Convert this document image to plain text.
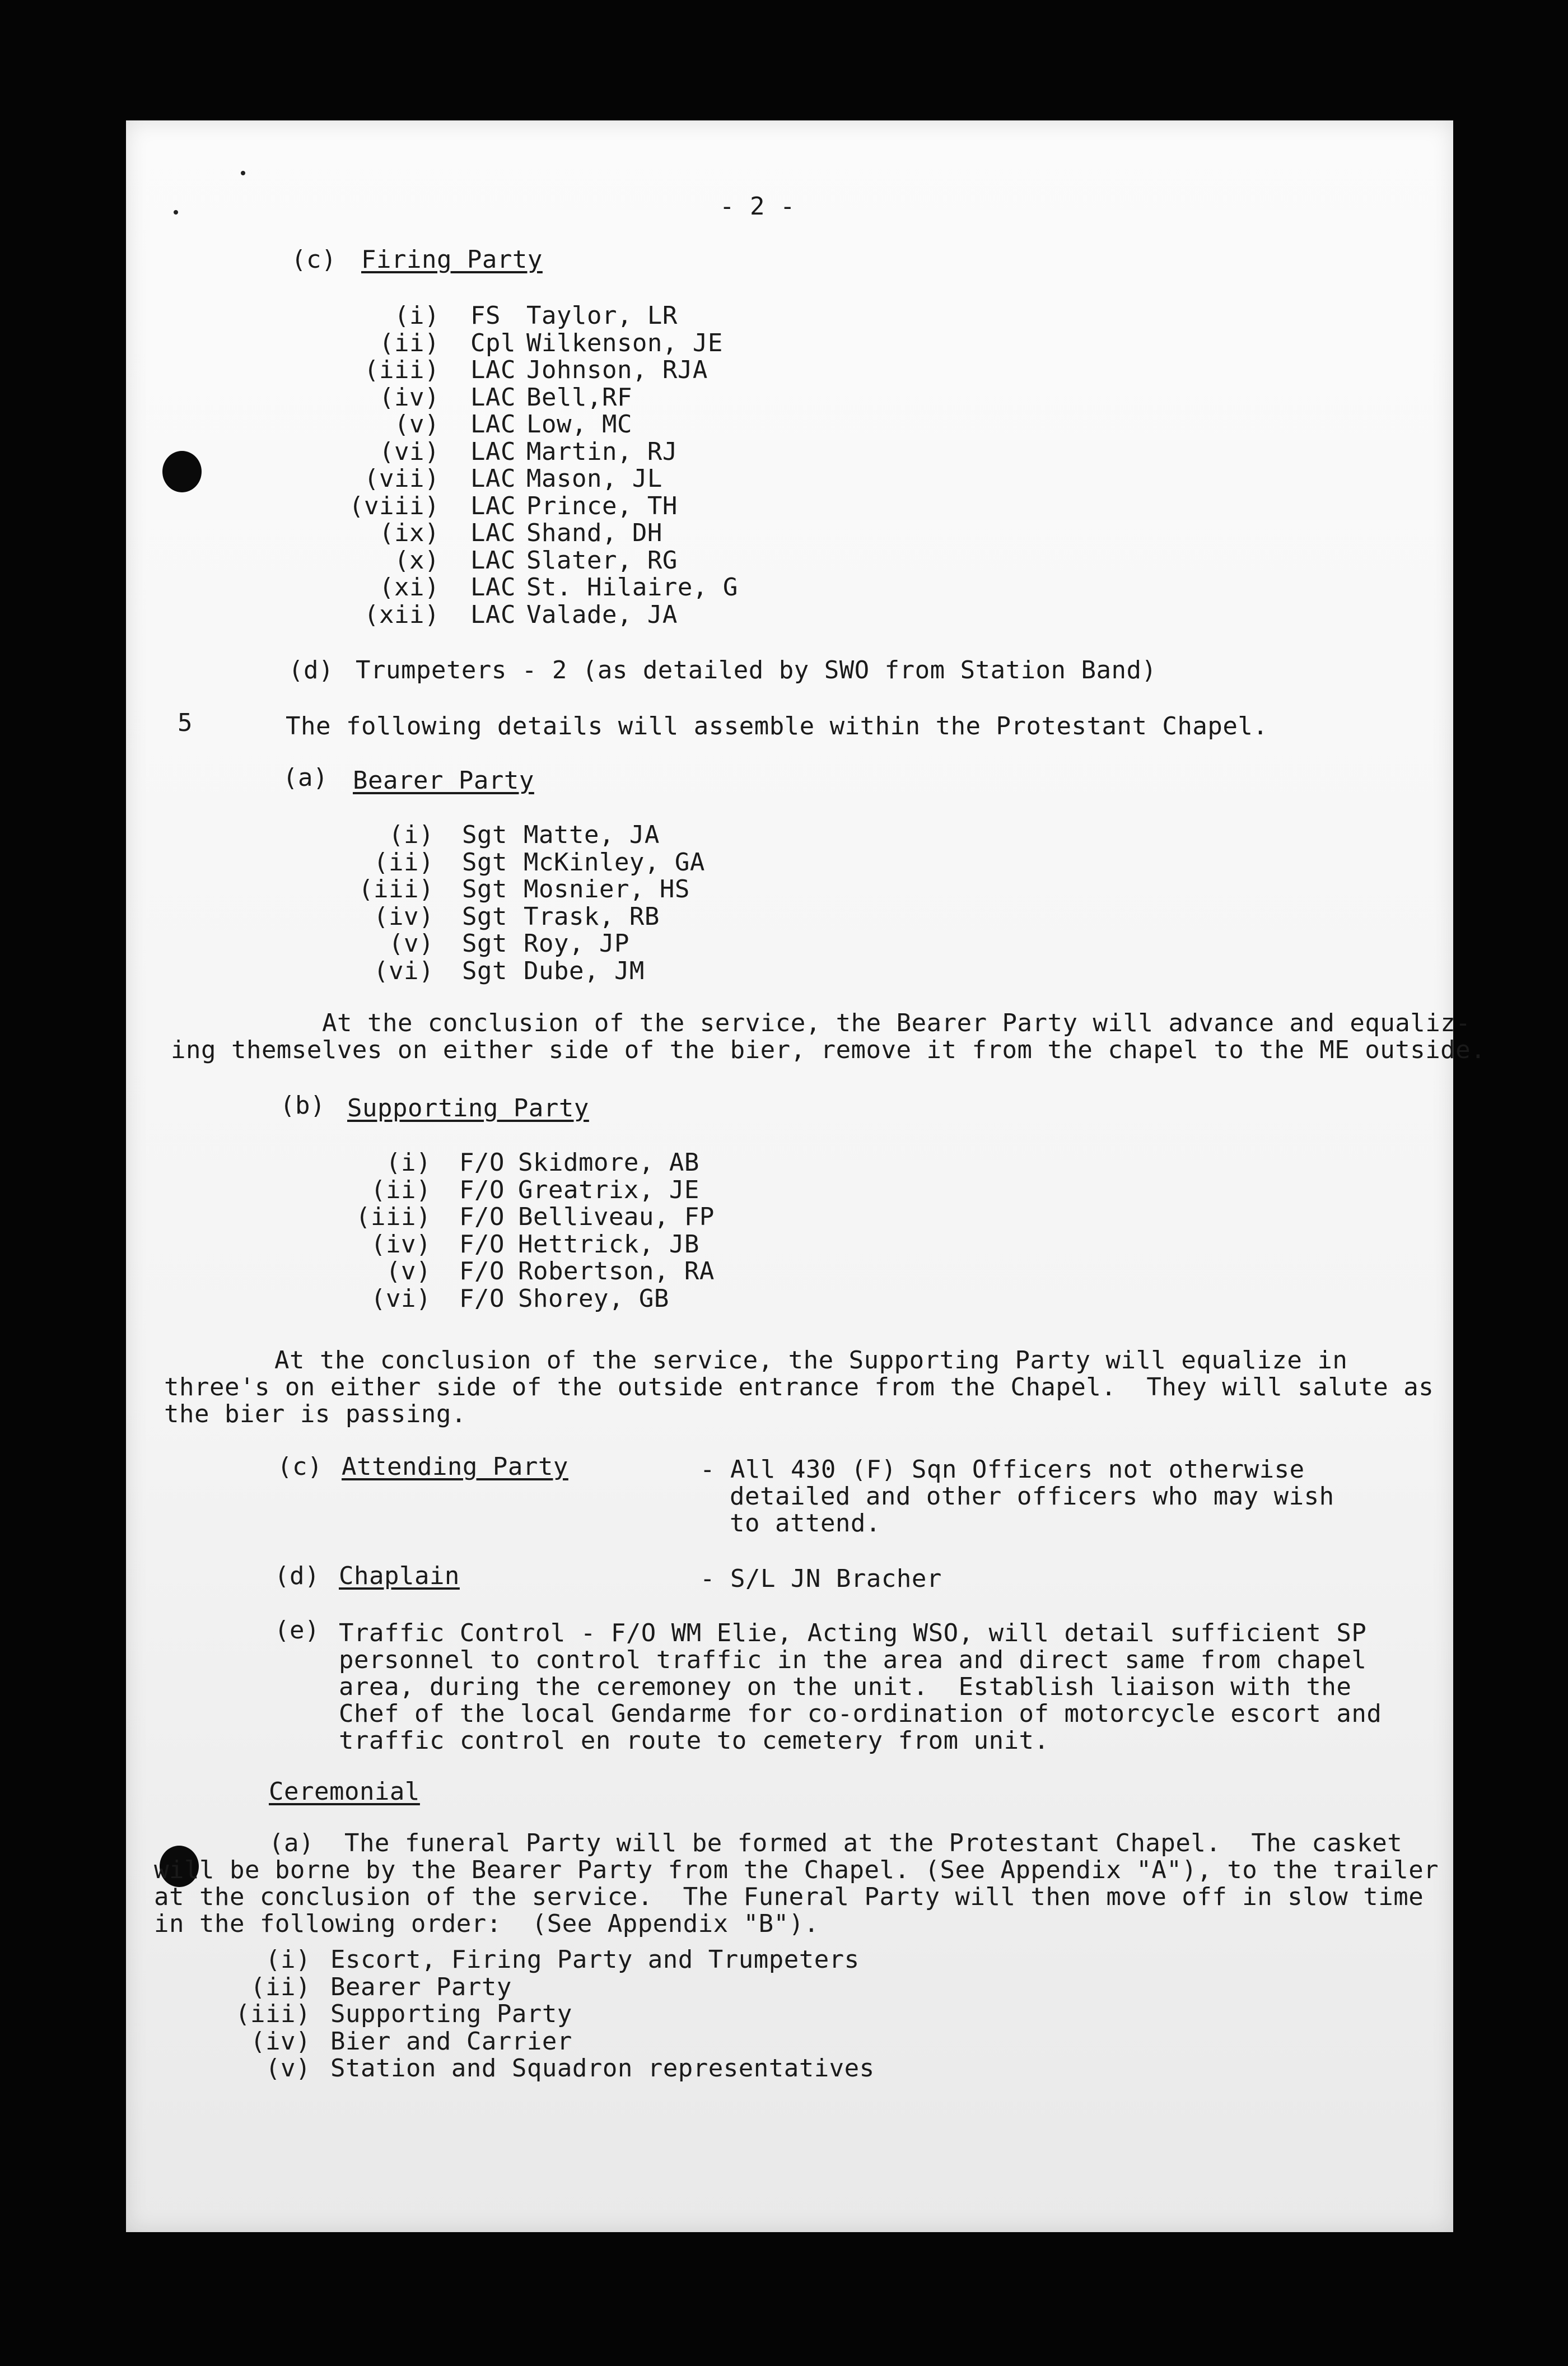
- 2 -
(c) Firing Party
(d) Trumpeters - 2 (as detailed by SWO from Station Band)
5	The following details will assemble within the Protestant Chapel.
(a) Bearer Party
At the conclusion of the service, the Bearer Party will advance and equaliz-
ing themselves on either side of the bier, remove it from the chapel to the ME outside.
(b) Supporting Party
At the conclusion of the service, the Supporting Party will equalize in
three's on either side of the outside entrance from the Chapel.  They will salute as
the bier is passing.
(c) Attending Party	- All 430 (F) Sqn Officers not otherwise
detailed and other officers who may wish
to attend.
(d) Chaplain	- S/L JN Bracher
(e) Traffic Control - F/O WM Elie, Acting WSO, will detail sufficient SP
personnel to control traffic in the area and direct same from chapel
area, during the ceremoney on the unit.  Establish liaison with the
Chef of the local Gendarme for co-ordination of motorcycle escort and
traffic control en route to cemetery from unit.
Ceremonial
(a)  The funeral Party will be formed at the Protestant Chapel.  The casket
will be borne by the Bearer Party from the Chapel. (See Appendix "A"), to the trailer
at the conclusion of the service.  The Funeral Party will then move off in slow time
in the following order:  (See Appendix "B").
(i) FS Taylor, LR
(ii) Cpl Wilkenson, JE
(iii) LAC Johnson, RJA
(iv) LAC Bell,RF
(v) LAC Low, MC
(vi) LAC Martin, RJ
(vii) LAC Mason, JL
(viii) LAC Prince, TH
(ix) LAC Shand, DH
(x) LAC Slater, RG
(xi) LAC St. Hilaire, G
(xii) LAC Valade, JA
(i) Sgt Matte, JA
(ii) Sgt McKinley, GA
(iii) Sgt Mosnier, HS
(iv) Sgt Trask, RB
(v) Sgt Roy, JP
(vi) Sgt Dube, JM
(i) F/O Skidmore, AB
(ii) F/O Greatrix, JE
(iii) F/O Belliveau, FP
(iv) F/O Hettrick, JB
(v) F/O Robertson, RA
(vi) F/O Shorey, GB
(i) Escort, Firing Party and Trumpeters
(ii) Bearer Party
(iii) Supporting Party
(iv) Bier and Carrier
(v) Station and Squadron representatives
